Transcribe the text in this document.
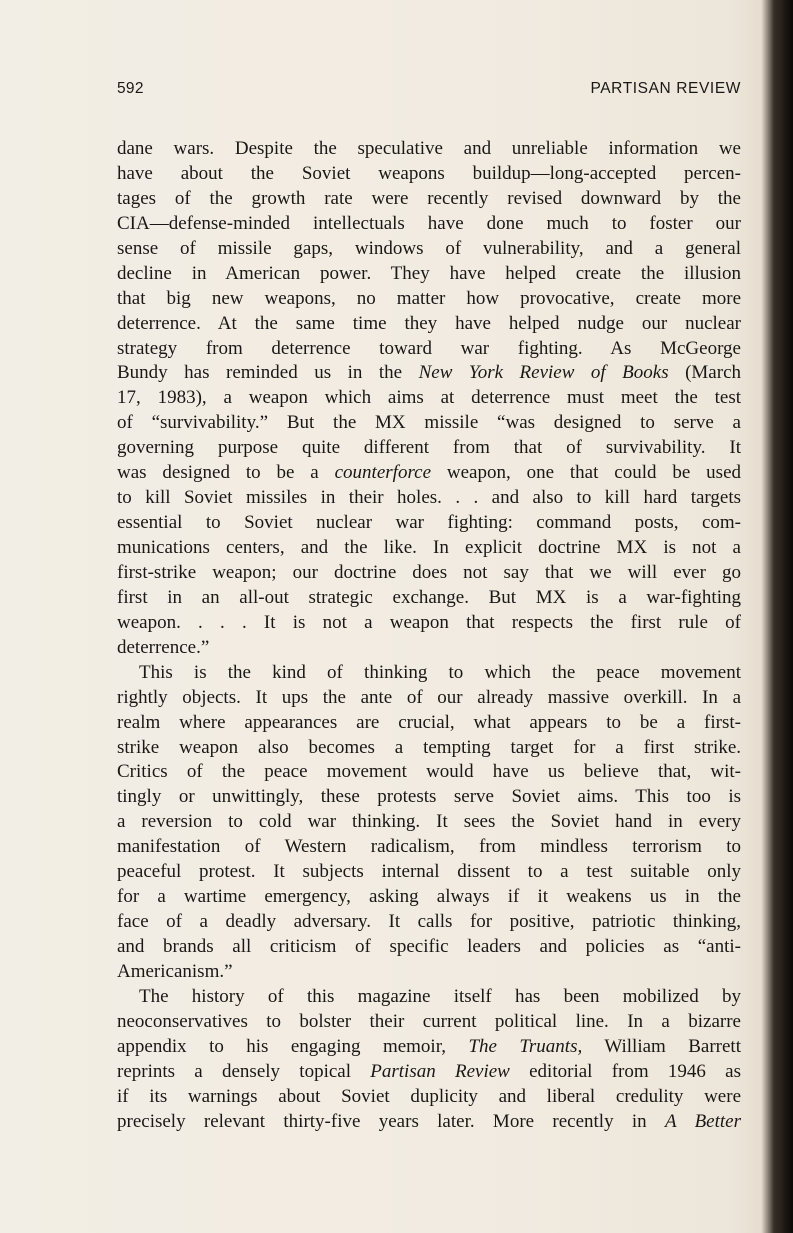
592	PARTISAN REVIEW
dane wars. Despite the speculative and unreliable information we
have about the Soviet weapons buildup—long-accepted percen-
tages of the growth rate were recently revised downward by the
CIA—defense-minded intellectuals have done much to foster our
sense of missile gaps, windows of vulnerability, and a general
decline in American power. They have helped create the illusion
that big new weapons, no matter how provocative, create more
deterrence. At the same time they have helped nudge our nuclear
strategy from deterrence toward war fighting. As McGeorge
Bundy has reminded us in the New York Review of Books (March
17, 1983), a weapon which aims at deterrence must meet the test
of “survivability.” But the MX missile “was designed to serve a
governing purpose quite different from that of survivability. It
was designed to be a counterforce weapon, one that could be used
to kill Soviet missiles in their holes. . . and also to kill hard targets
essential to Soviet nuclear war fighting: command posts, com-
munications centers, and the like. In explicit doctrine MX is not a
first-strike weapon; our doctrine does not say that we will ever go
first in an all-out strategic exchange. But MX is a war-fighting
weapon. . . . It is not a weapon that respects the first rule of
deterrence.”
This is the kind of thinking to which the peace movement
rightly objects. It ups the ante of our already massive overkill. In a
realm where appearances are crucial, what appears to be a first-
strike weapon also becomes a tempting target for a first strike.
Critics of the peace movement would have us believe that, wit-
tingly or unwittingly, these protests serve Soviet aims. This too is
a reversion to cold war thinking. It sees the Soviet hand in every
manifestation of Western radicalism, from mindless terrorism to
peaceful protest. It subjects internal dissent to a test suitable only
for a wartime emergency, asking always if it weakens us in the
face of a deadly adversary. It calls for positive, patriotic thinking,
and brands all criticism of specific leaders and policies as “anti-
Americanism.”
The history of this magazine itself has been mobilized by
neoconservatives to bolster their current political line. In a bizarre
appendix to his engaging memoir, The Truants, William Barrett
reprints a densely topical Partisan Review editorial from 1946 as
if its warnings about Soviet duplicity and liberal credulity were
precisely relevant thirty-five years later. More recently in A Better
